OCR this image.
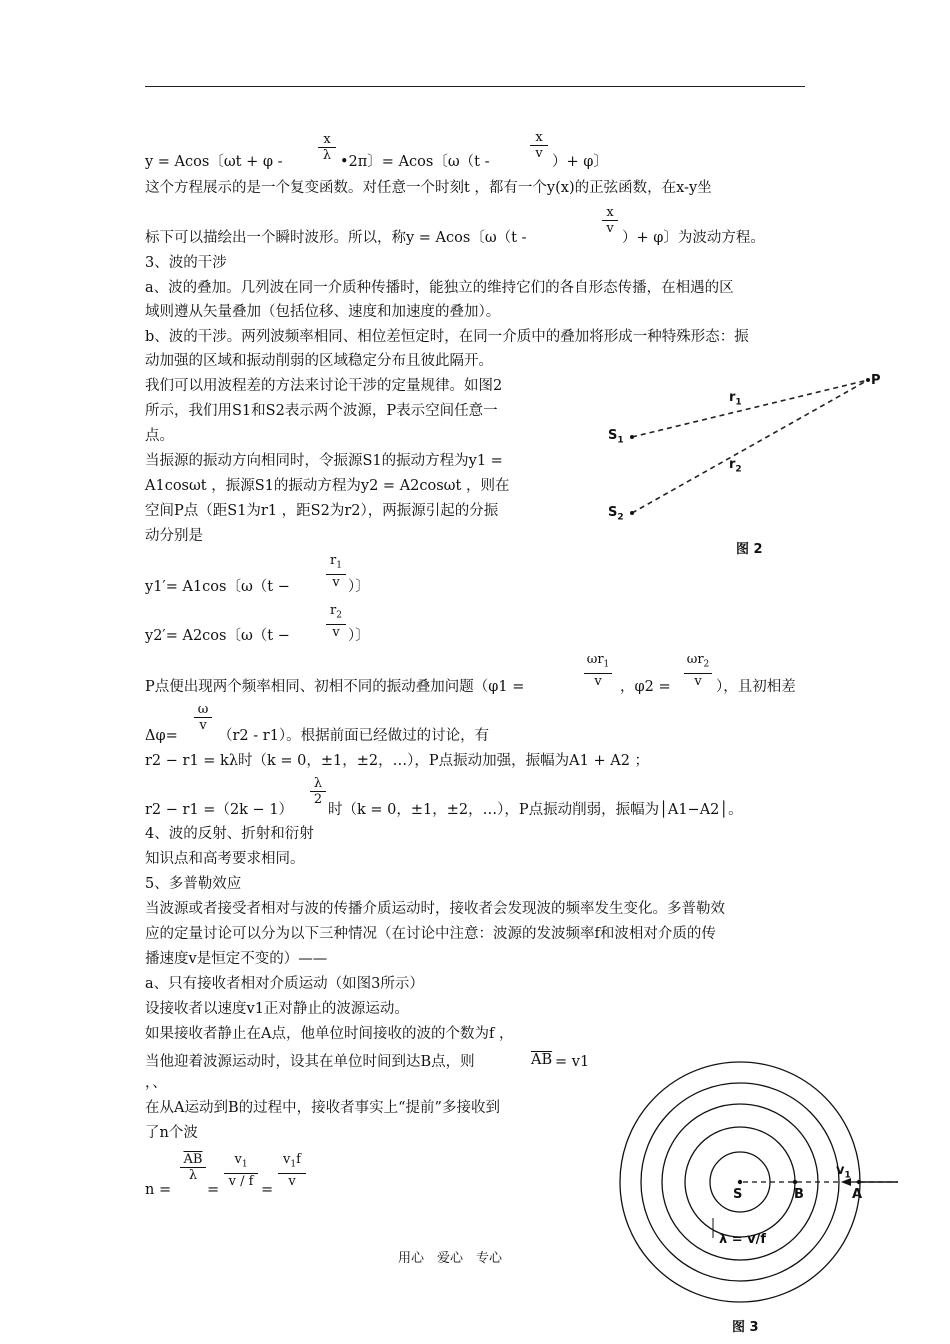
y = Acos〔ωt + φ -	$\frac{x}{\lambda}$ •2π〕= Acos〔ω（t -
$\frac{x}{v}$
）+ φ〕
这个方程展示的是一个复变函数。对任意一个时刻t ，都有一个y(x)的正弦函数，在x-y坐
标下可以描绘出一个瞬时波形。所以，称y = Acos〔ω（t -
$\frac{x}{v}$
）+ φ〕为波动方程。
3、波的干涉
a、波的叠加。几列波在同一介质种传播时，能独立的维持它们的各自形态传播，在相遇的区
域则遵从矢量叠加（包括位移、速度和加速度的叠加）。
b、波的干涉。两列波频率相同、相位差恒定时，在同一介质中的叠加将形成一种特殊形态：振
动加强的区域和振动削弱的区域稳定分布且彼此隔开。
我们可以用波程差的方法来讨论干涉的定量规律。如图2
所示，我们用S1和S2表示两个波源，P表示空间任意一
点。
当振源的振动方向相同时，令振源S1的振动方程为y1 =
A1cosωt ，振源S1的振动方程为y2 = A2cosωt ，则在
空间P点（距S1为r1 ，距S2为r2），两振源引起的分振
动分别是
P
$r_1$
$r_2$
$S_1$
$S_2$
图 2
y1′= A1cos〔ω（t −	$\frac{r_1}{v}$ ）〕
y2′= A2cos〔ω（t −	$\frac{r_2}{v}$ ）〕
P点便出现两个频率相同、初相不同的振动叠加问题（φ1 =	$\frac{\omega r_1}{v}$ ，$\varphi 2 = \frac{\omega r_2}{v}$ ），且初相差
Δφ=
$\frac{\omega}{v}$
（r2 - r1）。根据前面已经做过的讨论，有
r2 − r1 = kλ时（k = 0，±1，±2，…），P点振动加强，振幅为A1 + A2 ；
r2 − r1 =（2k − 1）
$\frac{\lambda}{2}$
时（k = 0，±1，±2，…），P点振动削弱，振幅为│A1−A2│。
4、波的反射、折射和衍射
知识点和高考要求相同。
5、多普勒效应
当波源或者接受者相对与波的传播介质运动时，接收者会发现波的频率发生变化。多普勒效
应的定量讨论可以分为以下三种情况（在讨论中注意：波源的发波频率f和波相对介质的传
播速度v是恒定不变的）——
a、只有接收者相对介质运动（如图3所示）
设接收者以速度v1正对静止的波源运动。
如果接收者静止在A点，他单位时间接收的波的个数为f ，
当他迎着波源运动时，设其在单位时间到达B点，则	$\overline{AB} = v1$
，、
在从A运动到B的过程中，接收者事实上“提前”多接收到
了n个波
n =
$\frac{\overline{AB}}{\lambda}$
=
$\frac{v_1}{v / f}$
=
$\frac{v_1f}{v}$
S	B	A
$v_1$
λ = v/f
图 3
用心　爱心　专心
